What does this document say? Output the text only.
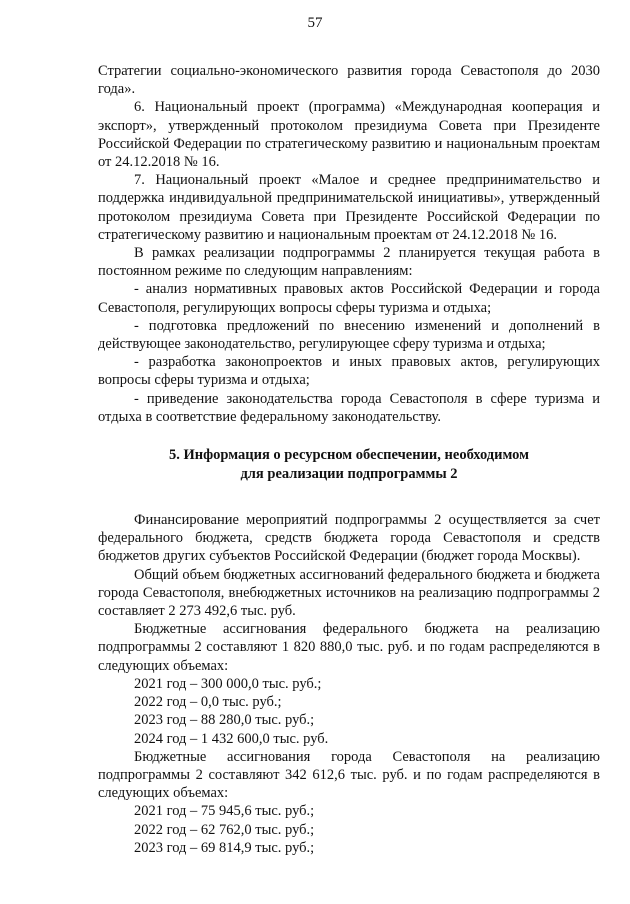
57

Стратегии социально-экономического развития города Севастополя до 2030 года».

6. Национальный проект (программа) «Международная кооперация и экспорт», утвержденный протоколом президиума Совета при Президенте Российской Федерации по стратегическому развитию и национальным проектам от 24.12.2018 № 16.

7. Национальный проект «Малое и среднее предпринимательство и поддержка индивидуальной предпринимательской инициативы», утвержденный протоколом президиума Совета при Президенте Российской Федерации по стратегическому развитию и национальным проектам от 24.12.2018 № 16.

В рамках реализации подпрограммы 2 планируется текущая работа в постоянном режиме по следующим направлениям:

- анализ нормативных правовых актов Российской Федерации и города Севастополя, регулирующих вопросы сферы туризма и отдыха;

- подготовка предложений по внесению изменений и дополнений в действующее законодательство, регулирующее сферу туризма и отдыха;

- разработка законопроектов и иных правовых актов, регулирующих вопросы сферы туризма и отдыха;

- приведение законодательства города Севастополя в сфере туризма и отдыха в соответствие федеральному законодательству.

5. Информация о ресурсном обеспечении, необходимом
для реализации подпрограммы 2

Финансирование мероприятий подпрограммы 2 осуществляется за счет федерального бюджета, средств бюджета города Севастополя и средств бюджетов других субъектов Российской Федерации (бюджет города Москвы).

Общий объем бюджетных ассигнований федерального бюджета и бюджета города Севастополя, внебюджетных источников на реализацию подпрограммы 2 составляет 2 273 492,6 тыс. руб.

Бюджетные ассигнования федерального бюджета на реализацию подпрограммы 2 составляют 1 820 880,0 тыс. руб. и по годам распределяются в следующих объемах:

2021 год – 300 000,0 тыс. руб.;

2022 год – 0,0 тыс. руб.;

2023 год – 88 280,0 тыс. руб.;

2024 год – 1 432 600,0 тыс. руб.

Бюджетные ассигнования города Севастополя на реализацию подпрограммы 2 составляют 342 612,6 тыс. руб. и по годам распределяются в следующих объемах:

2021 год – 75 945,6 тыс. руб.;

2022 год – 62 762,0 тыс. руб.;

2023 год – 69 814,9 тыс. руб.;
